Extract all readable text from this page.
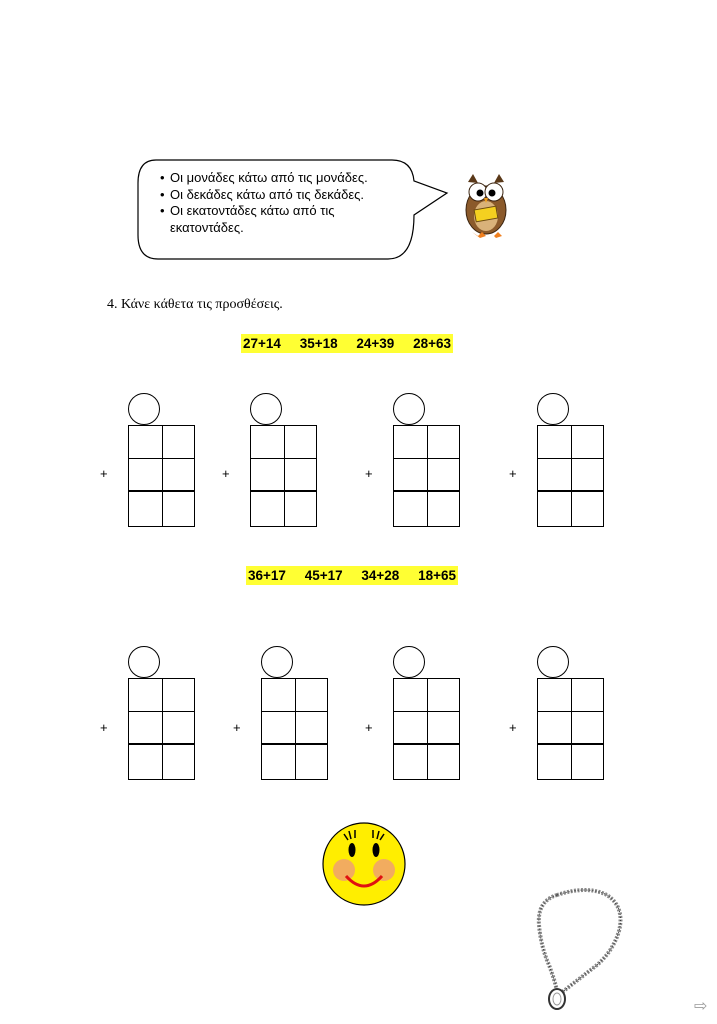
• Οι μονάδες κάτω από τις μονάδες.
• Οι δεκάδες κάτω από τις δεκάδες.
• Οι εκατοντάδες κάτω από τις
εκατοντάδες.
4. Κάνε κάθετα τις προσθέσεις.
27+14 35+18 24+39 28+63
+	+	+	+
36+17 45+17 34+28 18+65
+	+	+	+
⇨
